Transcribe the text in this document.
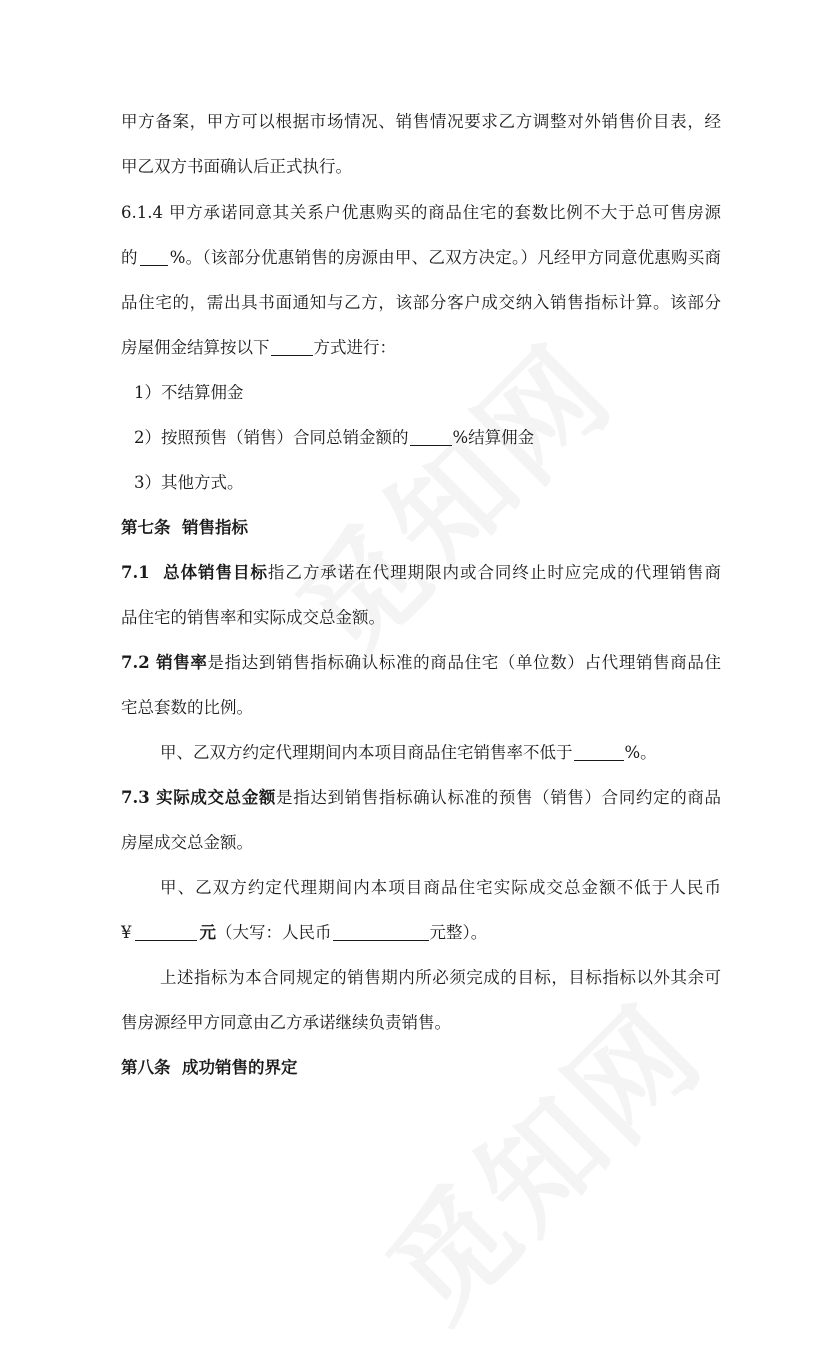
甲方备案，甲方可以根据市场情况、销售情况要求乙方调整对外销售价目表，经
甲乙双方书面确认后正式执行。
6.1.4 甲方承诺同意其关系户优惠购买的商品住宅的套数比例不大于总可售房源
的 %。（该部分优惠销售的房源由甲、乙双方决定。）凡经甲方同意优惠购买商
品住宅的，需出具书面通知与乙方，该部分客户成交纳入销售指标计算。该部分
房屋佣金结算按以下	方式进行：
1）不结算佣金
2）按照预售（销售）合同总销金额的	%结算佣金
3）其他方式。
第七条  销售指标
7.1  总体销售目标指乙方承诺在代理期限内或合同终止时应完成的代理销售商
品住宅的销售率和实际成交总金额。
7.2 销售率是指达到销售指标确认标准的商品住宅（单位数）占代理销售商品住
宅总套数的比例。
甲、乙双方约定代理期间内本项目商品住宅销售率不低于	%。
7.3 实际成交总金额是指达到销售指标确认标准的预售（销售）合同约定的商品
房屋成交总金额。
甲、乙双方约定代理期间内本项目商品住宅实际成交总金额不低于人民币
¥	元（大写：人民币	元整）。
上述指标为本合同规定的销售期内所必须完成的目标，目标指标以外其余可
售房源经甲方同意由乙方承诺继续负责销售。
第八条  成功销售的界定
